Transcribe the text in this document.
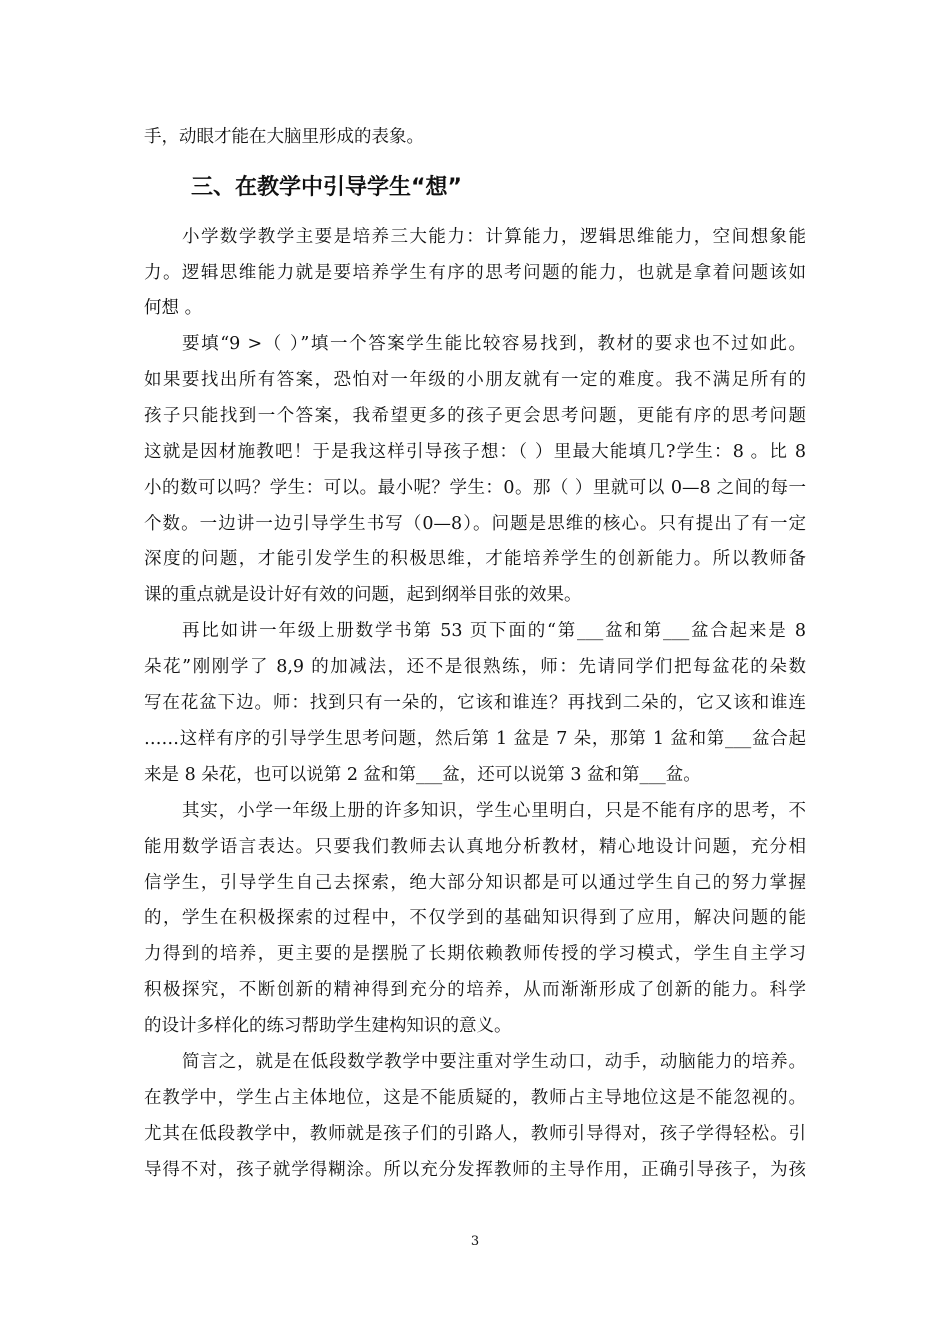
手，动眼才能在大脑里形成的表象。
三、在教学中引导学生“想”
小学数学教学主要是培养三大能力：计算能力，逻辑思维能力，空间想象能
力。逻辑思维能力就是要培养学生有序的思考问题的能力，也就是拿着问题该如
何想 。
要填“9 >（ ）”填一个答案学生能比较容易找到，教材的要求也不过如此。
如果要找出所有答案，恐怕对一年级的小朋友就有一定的难度。我不满足所有的
孩子只能找到一个答案，我希望更多的孩子更会思考问题，更能有序的思考问题
这就是因材施教吧！于是我这样引导孩子想：（ ）里最大能填几?学生：8 。比 8
小的数可以吗？学生：可以。最小呢？学生：0。那（ ）里就可以 0—8 之间的每一
个数。一边讲一边引导学生书写（0—8）。问题是思维的核心。只有提出了有一定
深度的问题，才能引发学生的积极思维，才能培养学生的创新能力。所以教师备
课的重点就是设计好有效的问题，起到纲举目张的效果。
再比如讲一年级上册数学书第 53 页下面的“第___盆和第___盆合起来是 8
朵花”刚刚学了 8,9 的加减法，还不是很熟练，师：先请同学们把每盆花的朵数
写在花盆下边。师：找到只有一朵的，它该和谁连？再找到二朵的，它又该和谁连
……这样有序的引导学生思考问题，然后第 1 盆是 7 朵，那第 1 盆和第___盆合起
来是 8 朵花，也可以说第 2 盆和第___盆，还可以说第 3 盆和第___盆。
其实，小学一年级上册的许多知识，学生心里明白，只是不能有序的思考，不
能用数学语言表达。只要我们教师去认真地分析教材，精心地设计问题，充分相
信学生，引导学生自己去探索，绝大部分知识都是可以通过学生自己的努力掌握
的，学生在积极探索的过程中，不仅学到的基础知识得到了应用，解决问题的能
力得到的培养，更主要的是摆脱了长期依赖教师传授的学习模式，学生自主学习
积极探究，不断创新的精神得到充分的培养，从而渐渐形成了创新的能力。科学
的设计多样化的练习帮助学生建构知识的意义。
简言之，就是在低段数学教学中要注重对学生动口，动手，动脑能力的培养。
在教学中，学生占主体地位，这是不能质疑的，教师占主导地位这是不能忽视的。
尤其在低段教学中，教师就是孩子们的引路人，教师引导得对，孩子学得轻松。引
导得不对，孩子就学得糊涂。所以充分发挥教师的主导作用，正确引导孩子，为孩
3
